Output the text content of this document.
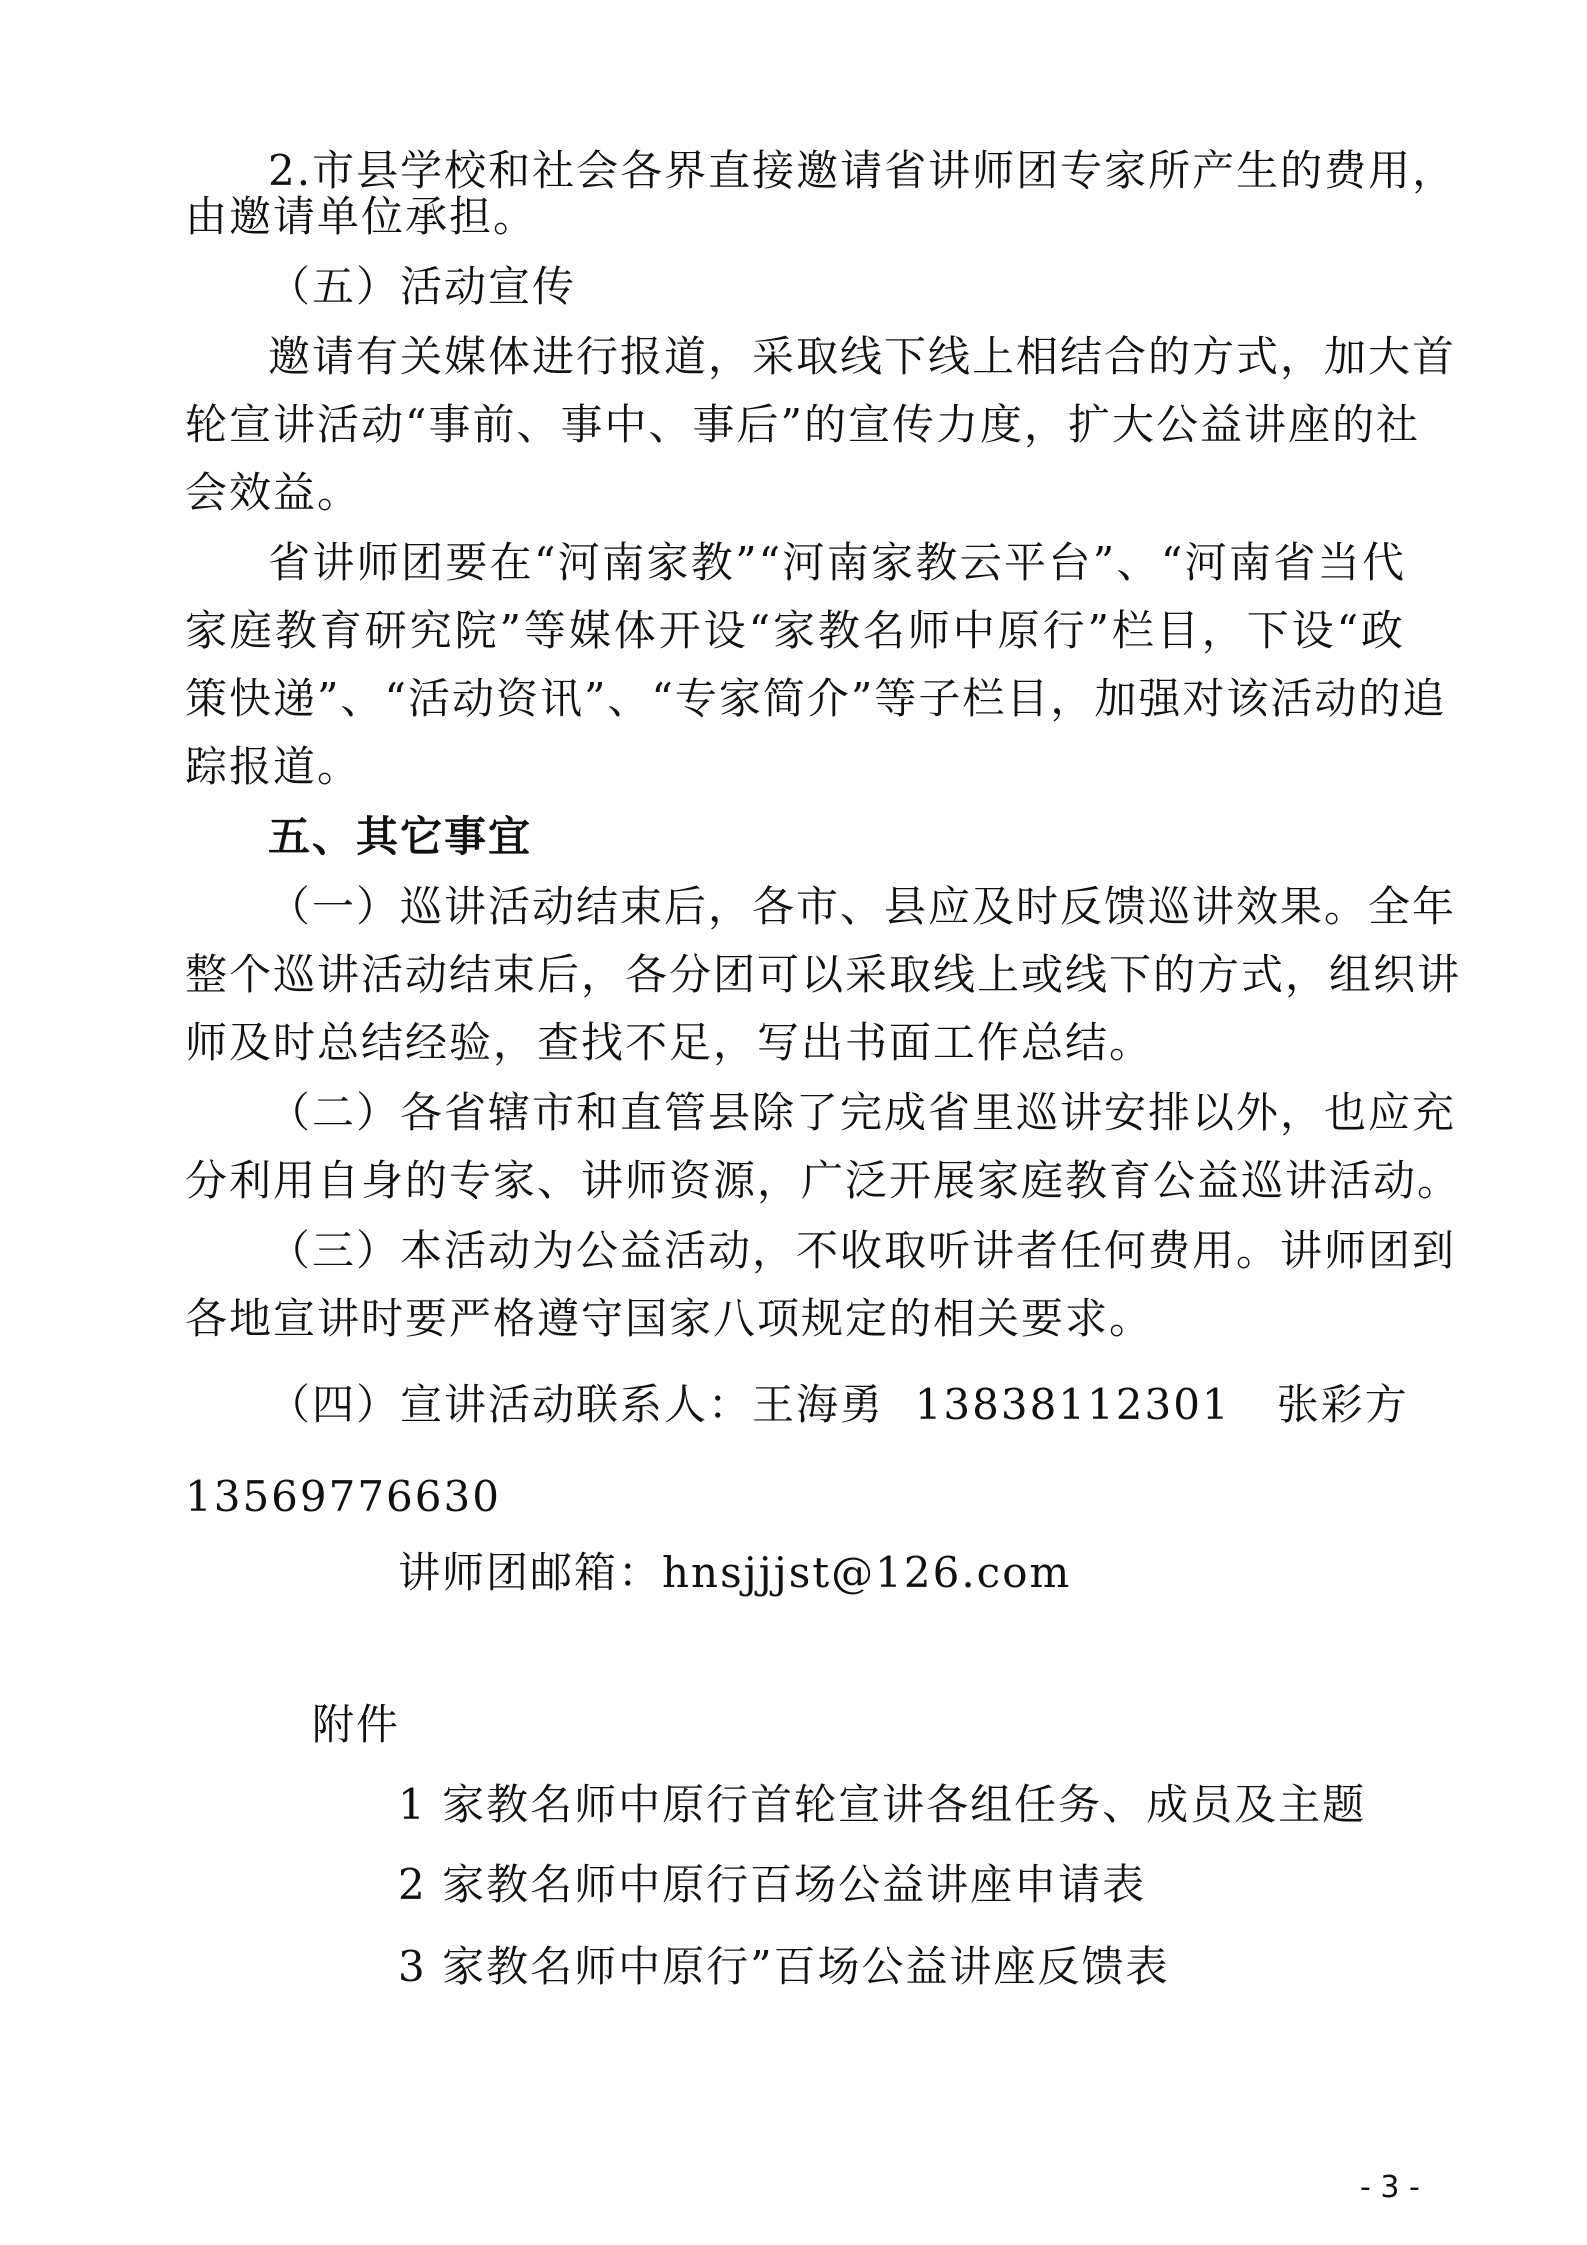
2.市县学校和社会各界直接邀请省讲师团专家所产生的费用，
由邀请单位承担。
（五）活动宣传
邀请有关媒体进行报道，采取线下线上相结合的方式，加大首
轮宣讲活动“事前、事中、事后”的宣传力度，扩大公益讲座的社
会效益。
省讲师团要在“河南家教”“河南家教云平台”、“河南省当代
家庭教育研究院”等媒体开设“家教名师中原行”栏目，下设“政
策快递”、“活动资讯”、“专家简介”等子栏目，加强对该活动的追
踪报道。
五、其它事宜
（一）巡讲活动结束后，各市、县应及时反馈巡讲效果。全年
整个巡讲活动结束后，各分团可以采取线上或线下的方式，组织讲
师及时总结经验，查找不足，写出书面工作总结。
（二）各省辖市和直管县除了完成省里巡讲安排以外，也应充
分利用自身的专家、讲师资源，广泛开展家庭教育公益巡讲活动。
（三）本活动为公益活动，不收取听讲者任何费用。讲师团到
各地宣讲时要严格遵守国家八项规定的相关要求。
（四）宣讲活动联系人：王海勇  13838112301   张彩方
13569776630
讲师团邮箱：hnsjjjst@126.com
附件
1 家教名师中原行首轮宣讲各组任务、成员及主题
2 家教名师中原行百场公益讲座申请表
3 家教名师中原行”百场公益讲座反馈表
- 3 -
